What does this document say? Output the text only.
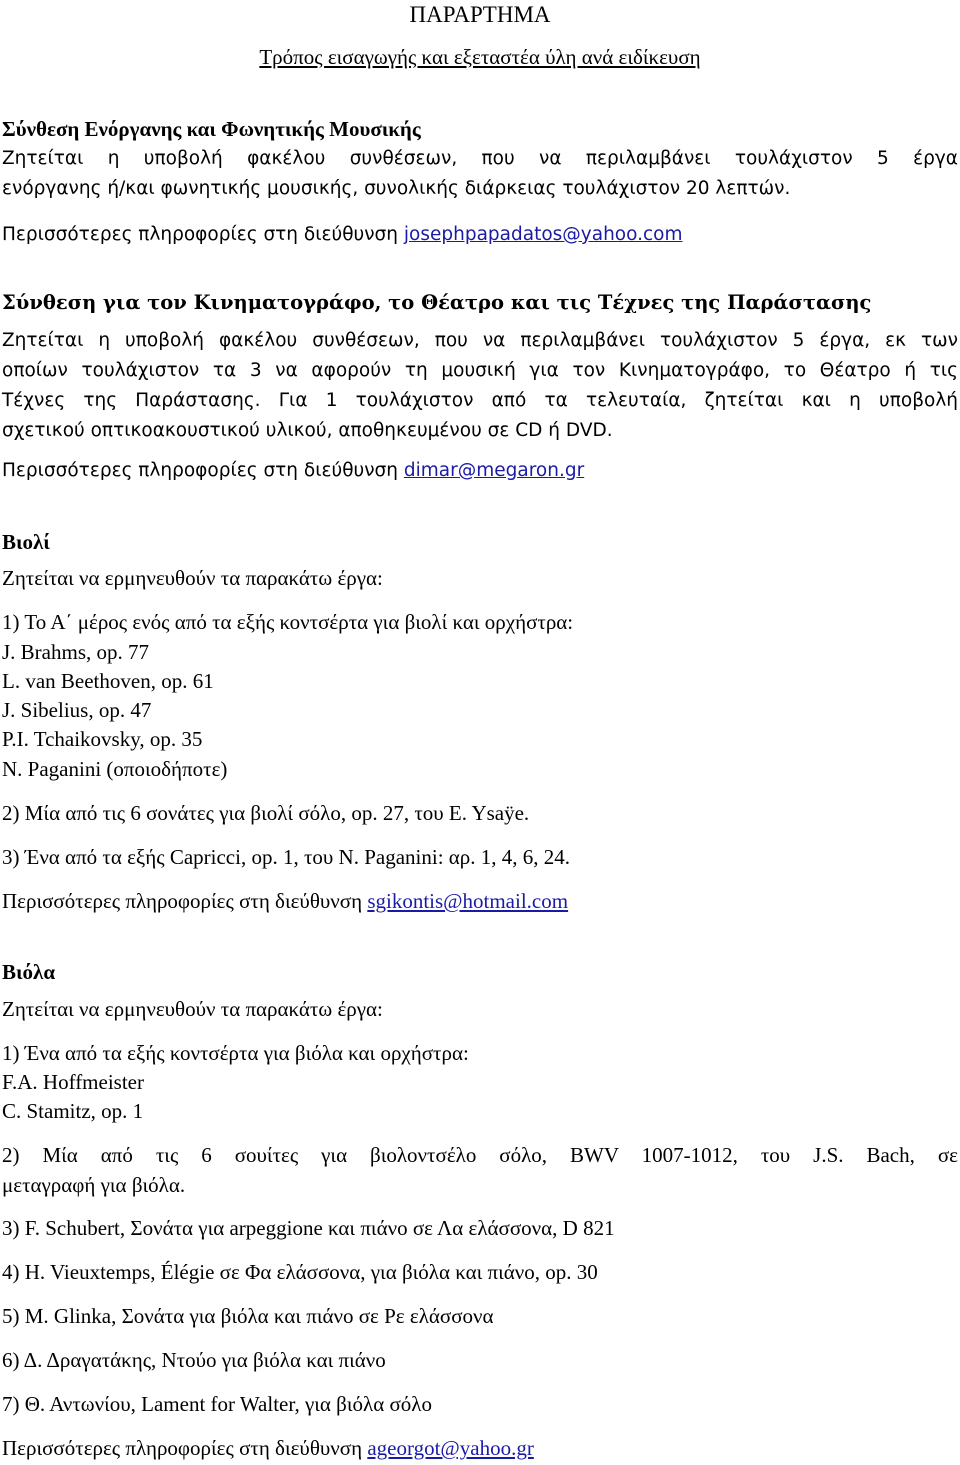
ΠΑΡΑΡΤΗΜΑ
Τρόπος εισαγωγής και εξεταστέα ύλη ανά ειδίκευση
Σύνθεση Ενόργανης και Φωνητικής Μουσικής
Ζητείται η υποβολή φακέλου συνθέσεων, που να περιλαμβάνει τουλάχιστον 5 έργα
ενόργανης ή/και φωνητικής μουσικής, συνολικής διάρκειας τουλάχιστον 20 λεπτών.
Περισσότερες πληροφορίες στη διεύθυνση josephpapadatos@yahoo.com
Σύνθεση για τον Κινηματογράφο, το Θέατρο και τις Τέχνες της Παράστασης
Ζητείται η υποβολή φακέλου συνθέσεων, που να περιλαμβάνει τουλάχιστον 5 έργα, εκ των
οποίων τουλάχιστον τα 3 να αφορούν τη μουσική για τον Κινηματογράφο, το Θέατρο ή τις
Τέχνες της Παράστασης. Για 1 τουλάχιστον από τα τελευταία, ζητείται και η υποβολή
σχετικού οπτικοακουστικού υλικού, αποθηκευμένου σε CD ή DVD.
Περισσότερες πληροφορίες στη διεύθυνση dimar@megaron.gr
Βιολί
Ζητείται να ερμηνευθούν τα παρακάτω έργα:
1) Το Α΄ μέρος ενός από τα εξής κοντσέρτα για βιολί και ορχήστρα:
J. Brahms, op. 77
L. van Beethoven, op. 61
J. Sibelius, op. 47
P.I. Tchaikovsky, op. 35
N. Paganini (οποιοδήποτε)
2) Μία από τις 6 σονάτες για βιολί σόλο, op. 27, του E. Ysaÿe.
3) Ένα από τα εξής Capricci, op. 1, του N. Paganini: αρ. 1, 4, 6, 24.
Περισσότερες πληροφορίες στη διεύθυνση sgikontis@hotmail.com
Βιόλα
Ζητείται να ερμηνευθούν τα παρακάτω έργα:
1) Ένα από τα εξής κοντσέρτα για βιόλα και ορχήστρα:
F.A. Hoffmeister
C. Stamitz, op. 1
2) Μία από τις 6 σουίτες για βιολοντσέλο σόλο, BWV 1007-1012, του J.S. Bach, σε
μεταγραφή για βιόλα.
3) F. Schubert, Σονάτα για arpeggione και πιάνο σε Λα ελάσσονα, D 821
4) H. Vieuxtemps, Élégie σε Φα ελάσσονα, για βιόλα και πιάνο, op. 30
5) M. Glinka, Σονάτα για βιόλα και πιάνο σε Ρε ελάσσονα
6) Δ. Δραγατάκης, Ντούο για βιόλα και πιάνο
7) Θ. Αντωνίου, Lament for Walter, για βιόλα σόλο
Περισσότερες πληροφορίες στη διεύθυνση ageorgot@yahoo.gr
